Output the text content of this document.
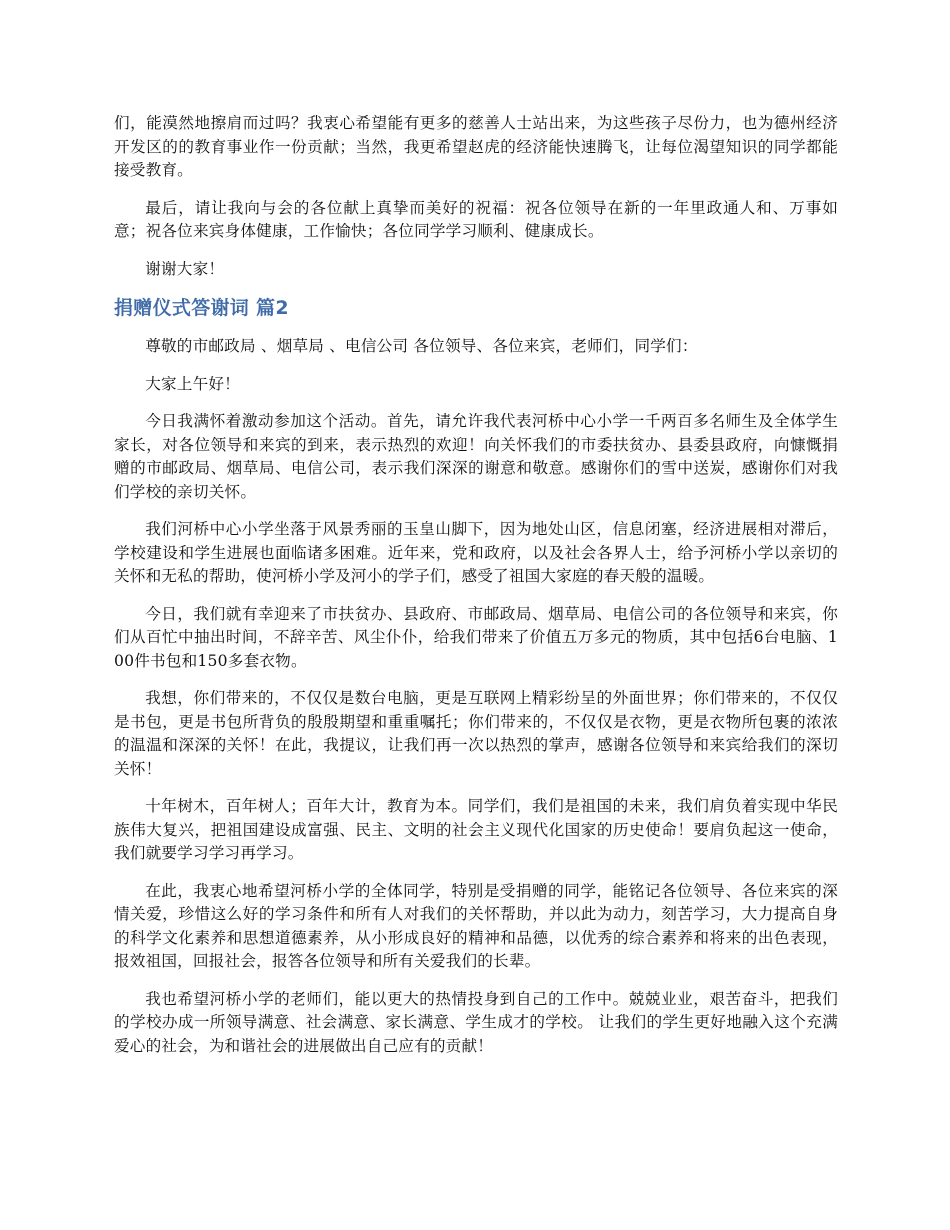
们，能漠然地擦肩而过吗？我衷心希望能有更多的慈善人士站出来，为这些孩子尽份力，也为德州经济开发区的的教育事业作一份贡献；当然，我更希望赵虎的经济能快速腾飞，让每位渴望知识的同学都能接受教育。

最后，请让我向与会的各位献上真挚而美好的祝福：祝各位领导在新的一年里政通人和、万事如意；祝各位来宾身体健康，工作愉快；各位同学学习顺利、健康成长。

谢谢大家！

捐赠仪式答谢词 篇2

尊敬的市邮政局 、烟草局 、电信公司 各位领导、各位来宾，老师们，同学们：

大家上午好！

今日我满怀着激动参加这个活动。首先，请允许我代表河桥中心小学一千两百多名师生及全体学生家长，对各位领导和来宾的到来，表示热烈的欢迎！向关怀我们的市委扶贫办、县委县政府，向慷慨捐赠的市邮政局、烟草局、电信公司，表示我们深深的谢意和敬意。感谢你们的雪中送炭，感谢你们对我们学校的亲切关怀。

我们河桥中心小学坐落于风景秀丽的玉皇山脚下，因为地处山区，信息闭塞，经济进展相对滞后，学校建设和学生进展也面临诸多困难。近年来，党和政府，以及社会各界人士，给予河桥小学以亲切的关怀和无私的帮助，使河桥小学及河小的学子们，感受了祖国大家庭的春天般的温暖。

今日，我们就有幸迎来了市扶贫办、县政府、市邮政局、烟草局、电信公司的各位领导和来宾，你们从百忙中抽出时间，不辞辛苦、风尘仆仆，给我们带来了价值五万多元的物质，其中包括6台电脑、100件书包和150多套衣物。

我想，你们带来的，不仅仅是数台电脑，更是互联网上精彩纷呈的外面世界；你们带来的，不仅仅是书包，更是书包所背负的殷殷期望和重重嘱托；你们带来的，不仅仅是衣物，更是衣物所包裹的浓浓的温温和深深的关怀！在此，我提议，让我们再一次以热烈的掌声，感谢各位领导和来宾给我们的深切关怀！

十年树木，百年树人；百年大计，教育为本。同学们，我们是祖国的未来，我们肩负着实现中华民族伟大复兴，把祖国建设成富强、民主、文明的社会主义现代化国家的历史使命！要肩负起这一使命，我们就要学习学习再学习。

在此，我衷心地希望河桥小学的全体同学，特别是受捐赠的同学，能铭记各位领导、各位来宾的深情关爱，珍惜这么好的学习条件和所有人对我们的关怀帮助，并以此为动力，刻苦学习，大力提高自身的科学文化素养和思想道德素养，从小形成良好的精神和品德，以优秀的综合素养和将来的出色表现，报效祖国，回报社会，报答各位领导和所有关爱我们的长辈。

我也希望河桥小学的老师们，能以更大的热情投身到自己的工作中。兢兢业业，艰苦奋斗，把我们的学校办成一所领导满意、社会满意、家长满意、学生成才的学校。 让我们的学生更好地融入这个充满爱心的社会，为和谐社会的进展做出自己应有的贡献！
